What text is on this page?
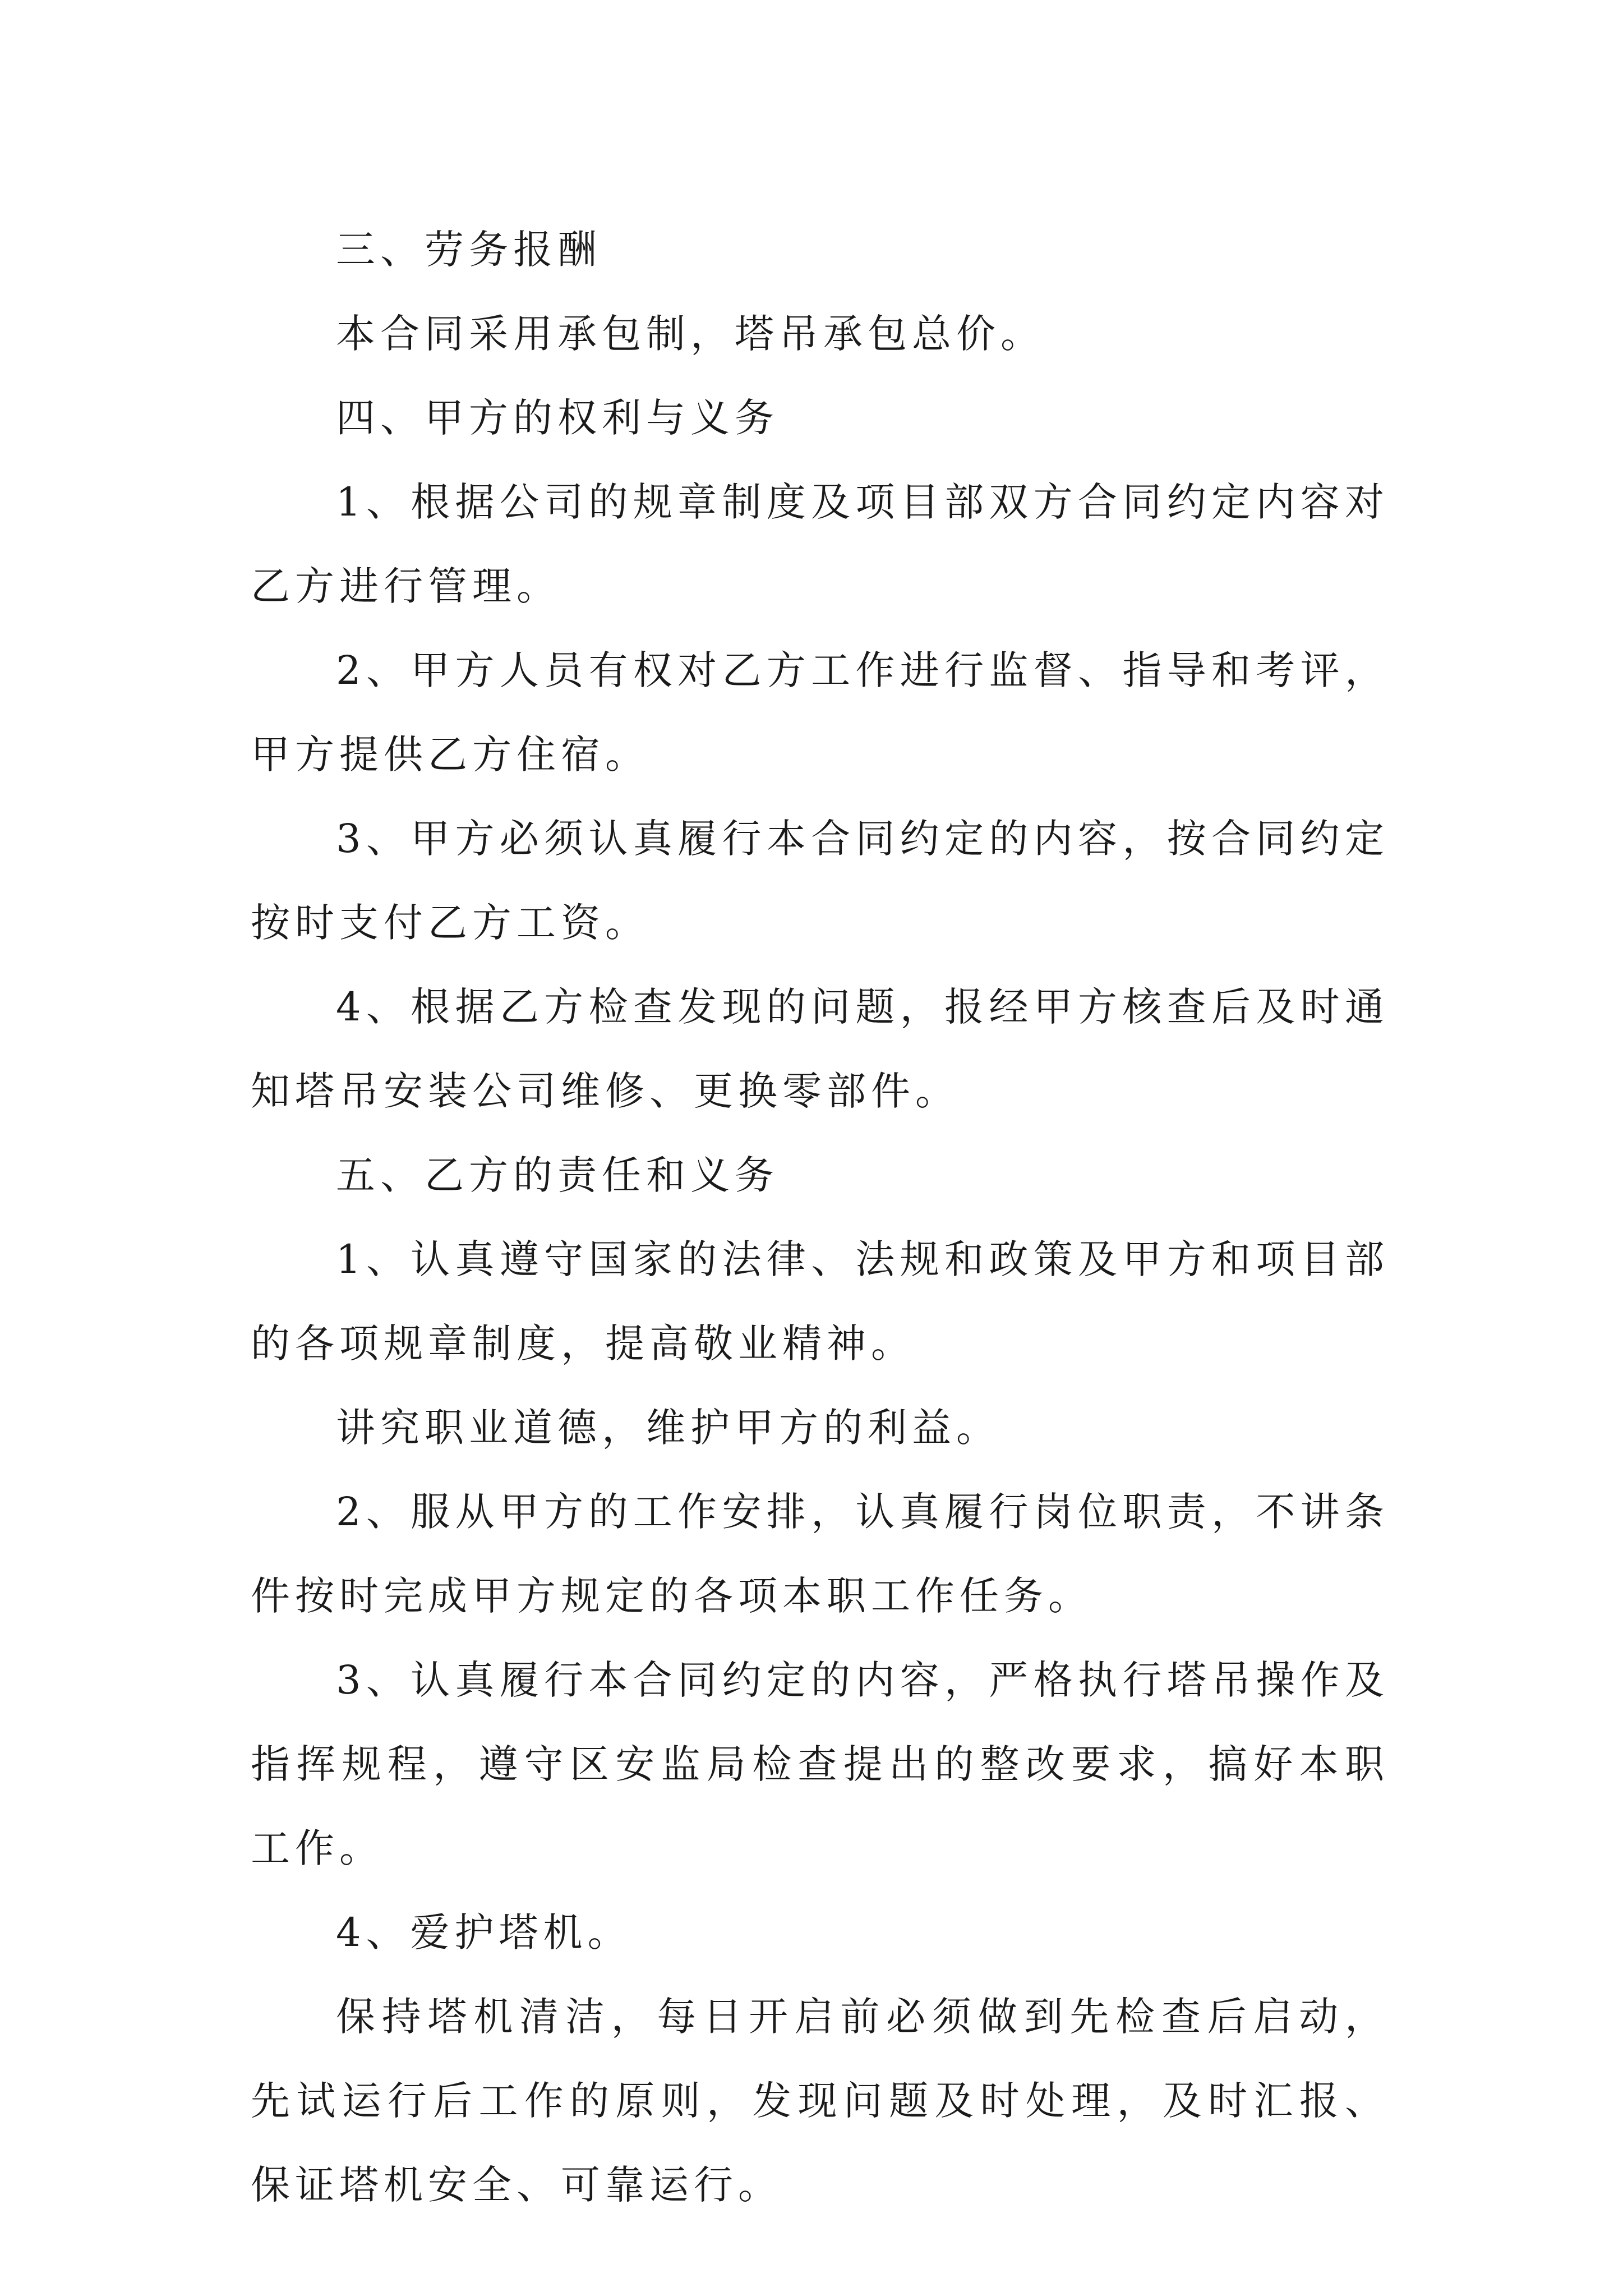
三、劳务报酬

本合同采用承包制，塔吊承包总价。

四、甲方的权利与义务

1、根据公司的规章制度及项目部双方合同约定内容对乙方进行管理。

2、甲方人员有权对乙方工作进行监督、指导和考评，甲方提供乙方住宿。

3、甲方必须认真履行本合同约定的内容，按合同约定按时支付乙方工资。

4、根据乙方检查发现的问题，报经甲方核查后及时通知塔吊安装公司维修、更换零部件。

五、乙方的责任和义务

1、认真遵守国家的法律、法规和政策及甲方和项目部的各项规章制度，提高敬业精神。

讲究职业道德，维护甲方的利益。

2、服从甲方的工作安排，认真履行岗位职责，不讲条件按时完成甲方规定的各项本职工作任务。

3、认真履行本合同约定的内容，严格执行塔吊操作及指挥规程，遵守区安监局检查提出的整改要求，搞好本职工作。

4、爱护塔机。

保持塔机清洁，每日开启前必须做到先检查后启动，先试运行后工作的原则，发现问题及时处理，及时汇报、保证塔机安全、可靠运行。
